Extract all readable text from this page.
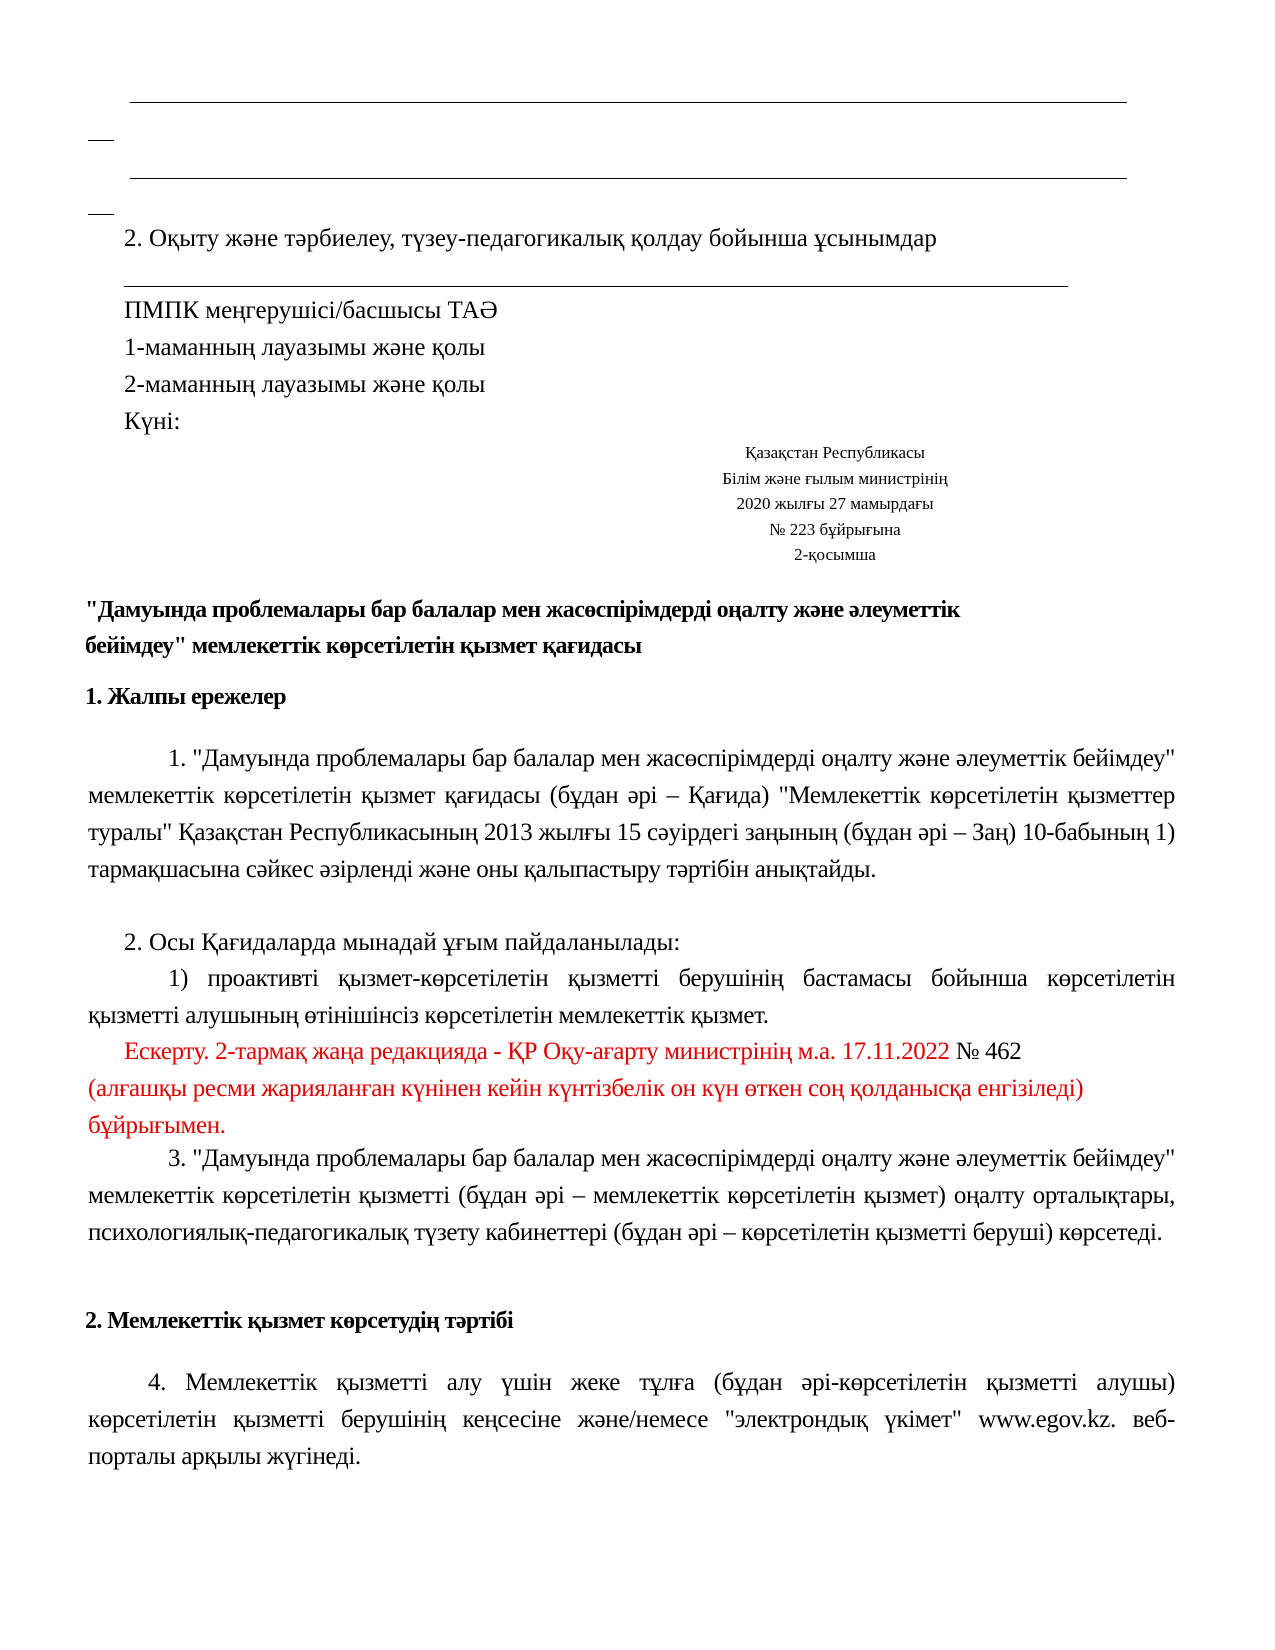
2. Оқыту және тәрбиелеу, түзеу-педагогикалық қолдау бойынша ұсынымдар
ПМПК меңгерушісі/басшысы ТАӘ
1-маманның лауазымы және қолы
2-маманның лауазымы және қолы
Күні:
Қазақстан Республикасы
Білім және ғылым министрінің
2020 жылғы 27 мамырдағы
№ 223 бұйрығына
2-қосымша
"Дамуында проблемалары бар балалар мен жасөспірімдерді оңалту және әлеуметтік
бейімдеу" мемлекеттік көрсетілетін қызмет қағидасы
1. Жалпы ережелер

1. "Дамуында проблемалары бар балалар мен жасөспірімдерді оңалту және әлеуметтік бейімдеу" мемлекеттік көрсетілетін қызмет қағидасы (бұдан әрі – Қағида) "Мемлекеттік көрсетілетін қызметтер туралы" Қазақстан Республикасының 2013 жылғы 15 сәуірдегі заңының (бұдан әрі – Заң) 10-бабының 1) тармақшасына сәйкес әзірленді және оны қалыпастыру тәртібін анықтайды.

2. Осы Қағидаларда мынадай ұғым пайдаланылады:

1) проактивті қызмет-көрсетілетін қызметті берушінің бастамасы бойынша көрсетілетін қызметті алушының өтінішінсіз көрсетілетін мемлекеттік қызмет.

Ескерту. 2-тармақ жаңа редакцияда - ҚР Оқу-ағарту министрінің м.а. 17.11.2022 № 462 (алғашқы ресми жарияланған күнінен кейін күнтізбелік он күн өткен соң қолданысқа енгізіледі) бұйрығымен.

3. "Дамуында проблемалары бар балалар мен жасөспірімдерді оңалту және әлеуметтік бейімдеу" мемлекеттік көрсетілетін қызметті (бұдан әрі – мемлекеттік көрсетілетін қызмет) оңалту орталықтары, психологиялық-педагогикалық түзету кабинеттері (бұдан әрі – көрсетілетін қызметті беруші) көрсетеді.

2. Мемлекеттік қызмет көрсетудің тәртібі

4. Мемлекеттік қызметті алу үшін жеке тұлға (бұдан әрі-көрсетілетін қызметті алушы) көрсетілетін қызметті берушінің кеңсесіне және/немесе "электрондық үкімет" www.egov.kz. веб-порталы арқылы жүгінеді.
